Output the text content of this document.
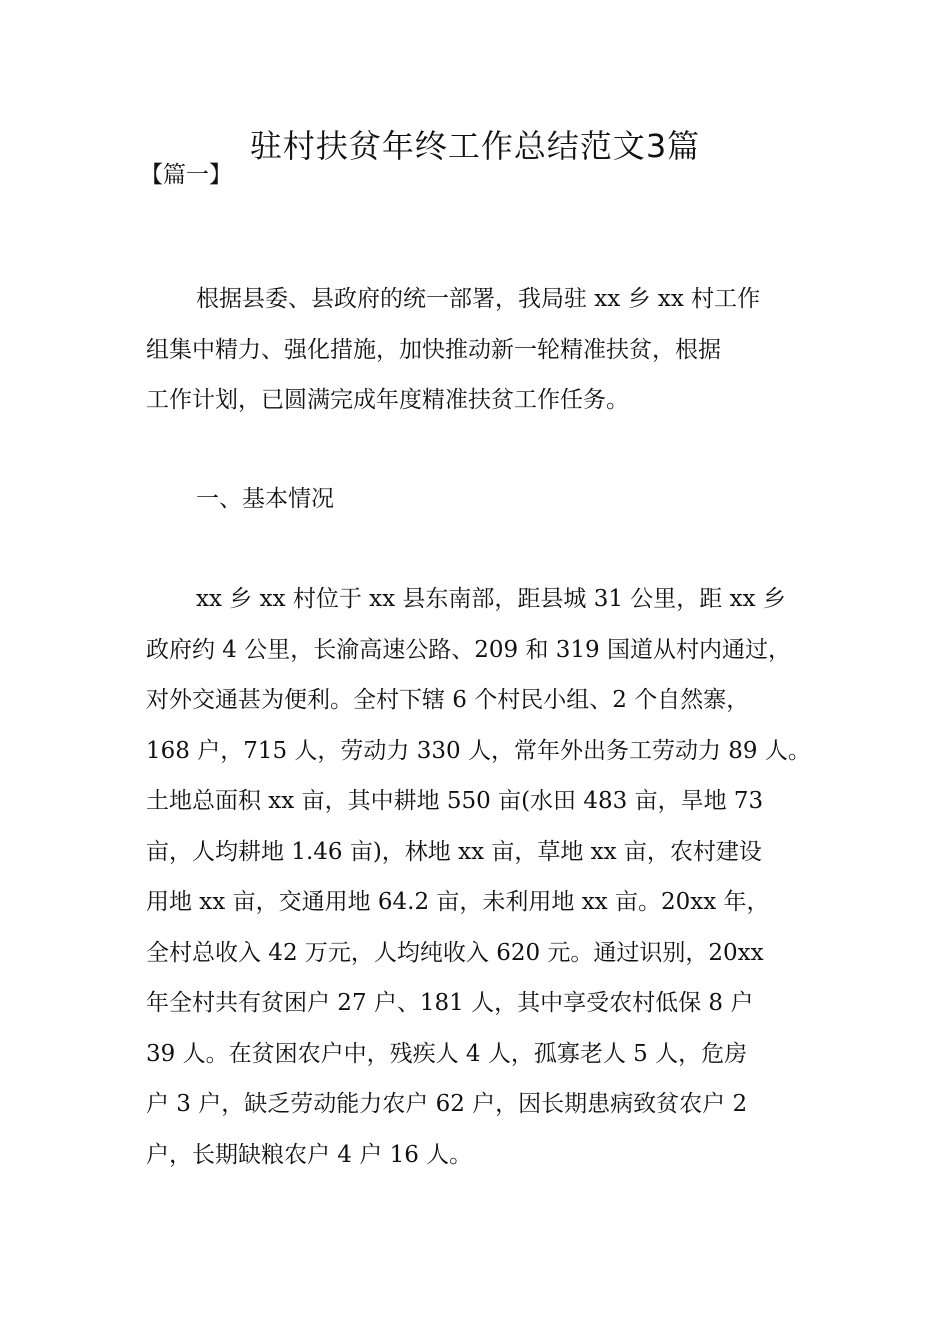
驻村扶贫年终工作总结范文3篇
【篇一】
根据县委、县政府的统一部署，我局驻 xx 乡 xx 村工作
组集中精力、强化措施，加快推动新一轮精准扶贫，根据
工作计划，已圆满完成年度精准扶贫工作任务。
一、基本情况
xx 乡 xx 村位于 xx 县东南部，距县城 31 公里，距 xx 乡
政府约 4 公里，长渝高速公路、209 和 319 国道从村内通过，
对外交通甚为便利。全村下辖 6 个村民小组、2 个自然寨，
168 户，715 人，劳动力 330 人，常年外出务工劳动力 89 人。
土地总面积 xx 亩，其中耕地 550 亩(水田 483 亩，旱地 73
亩，人均耕地 1.46 亩)，林地 xx 亩，草地 xx 亩，农村建设
用地 xx 亩，交通用地 64.2 亩，未利用地 xx 亩。20xx 年，
全村总收入 42 万元，人均纯收入 620 元。通过识别，20xx
年全村共有贫困户 27 户、181 人，其中享受农村低保 8 户
39 人。在贫困农户中，残疾人 4 人，孤寡老人 5 人，危房
户 3 户，缺乏劳动能力农户 62 户，因长期患病致贫农户 2
户，长期缺粮农户 4 户 16 人。
